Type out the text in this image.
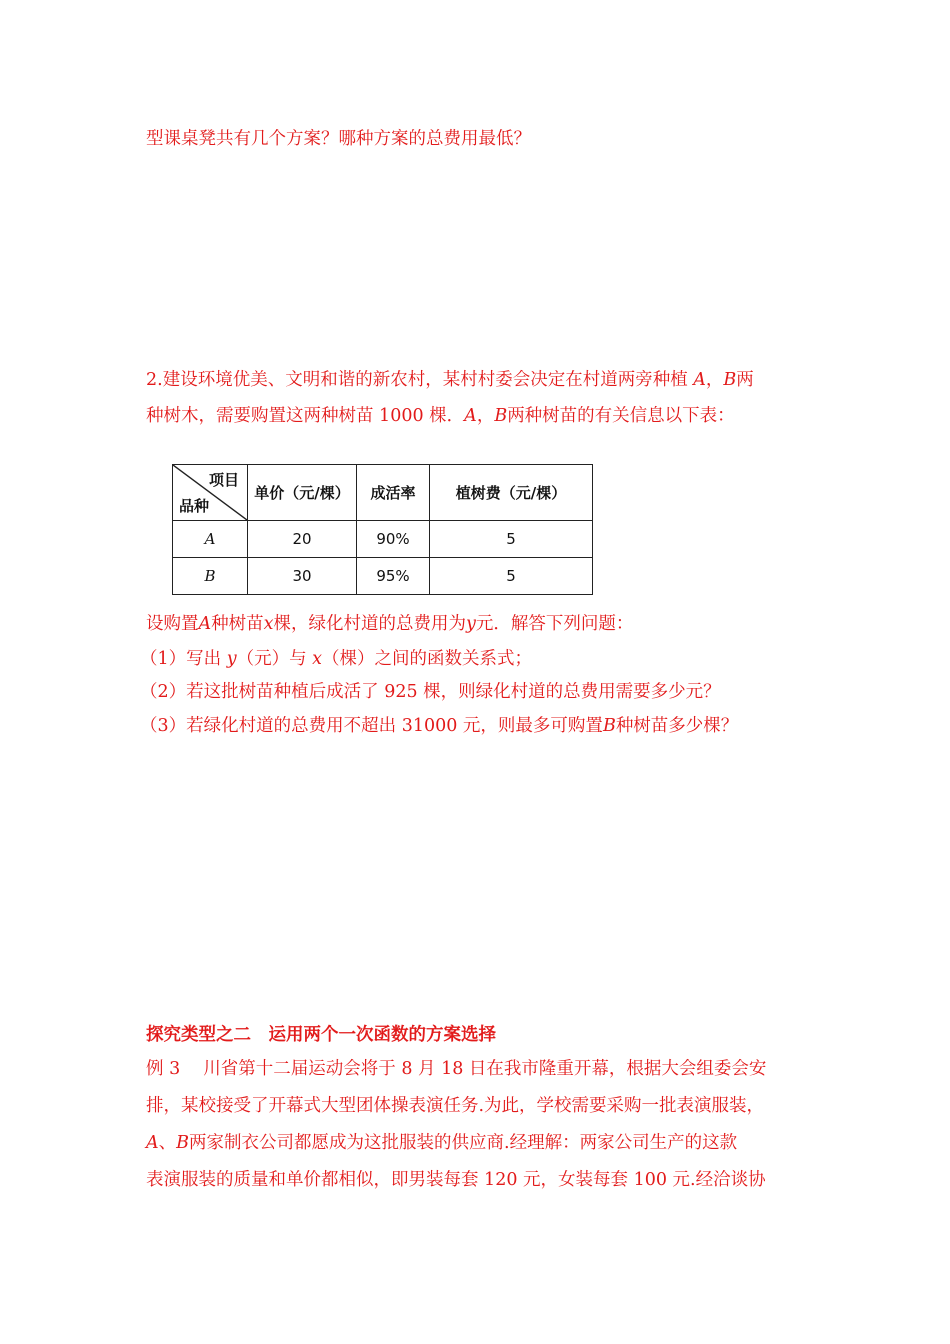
型课桌凳共有几个方案？哪种方案的总费用最低？
2.建设环境优美、文明和谐的新农村，某村村委会决定在村道两旁种植 A，B两
种树木，需要购置这两种树苗 1000 棵．A，B两种树苗的有关信息以下表：
项目
品种	单价（元/棵）	成活率	植树费（元/棵）
A	20	90%	5
B	30	95%	5
设购置A种树苗x棵，绿化村道的总费用为y元．解答下列问题：
（1）写出 y（元）与 x（棵）之间的函数关系式；
（2）若这批树苗种植后成活了 925 棵，则绿化村道的总费用需要多少元？
（3）若绿化村道的总费用不超出 31000 元，则最多可购置B种树苗多少棵？
探究类型之二　运用两个一次函数的方案选择
例 3　 川省第十二届运动会将于 8 月 18 日在我市隆重开幕，根据大会组委会安
排，某校接受了开幕式大型团体操表演任务.为此，学校需要采购一批表演服装，
A、B两家制衣公司都愿成为这批服装的供应商.经理解：两家公司生产的这款
表演服装的质量和单价都相似，即男装每套 120 元，女装每套 100 元.经洽谈协
